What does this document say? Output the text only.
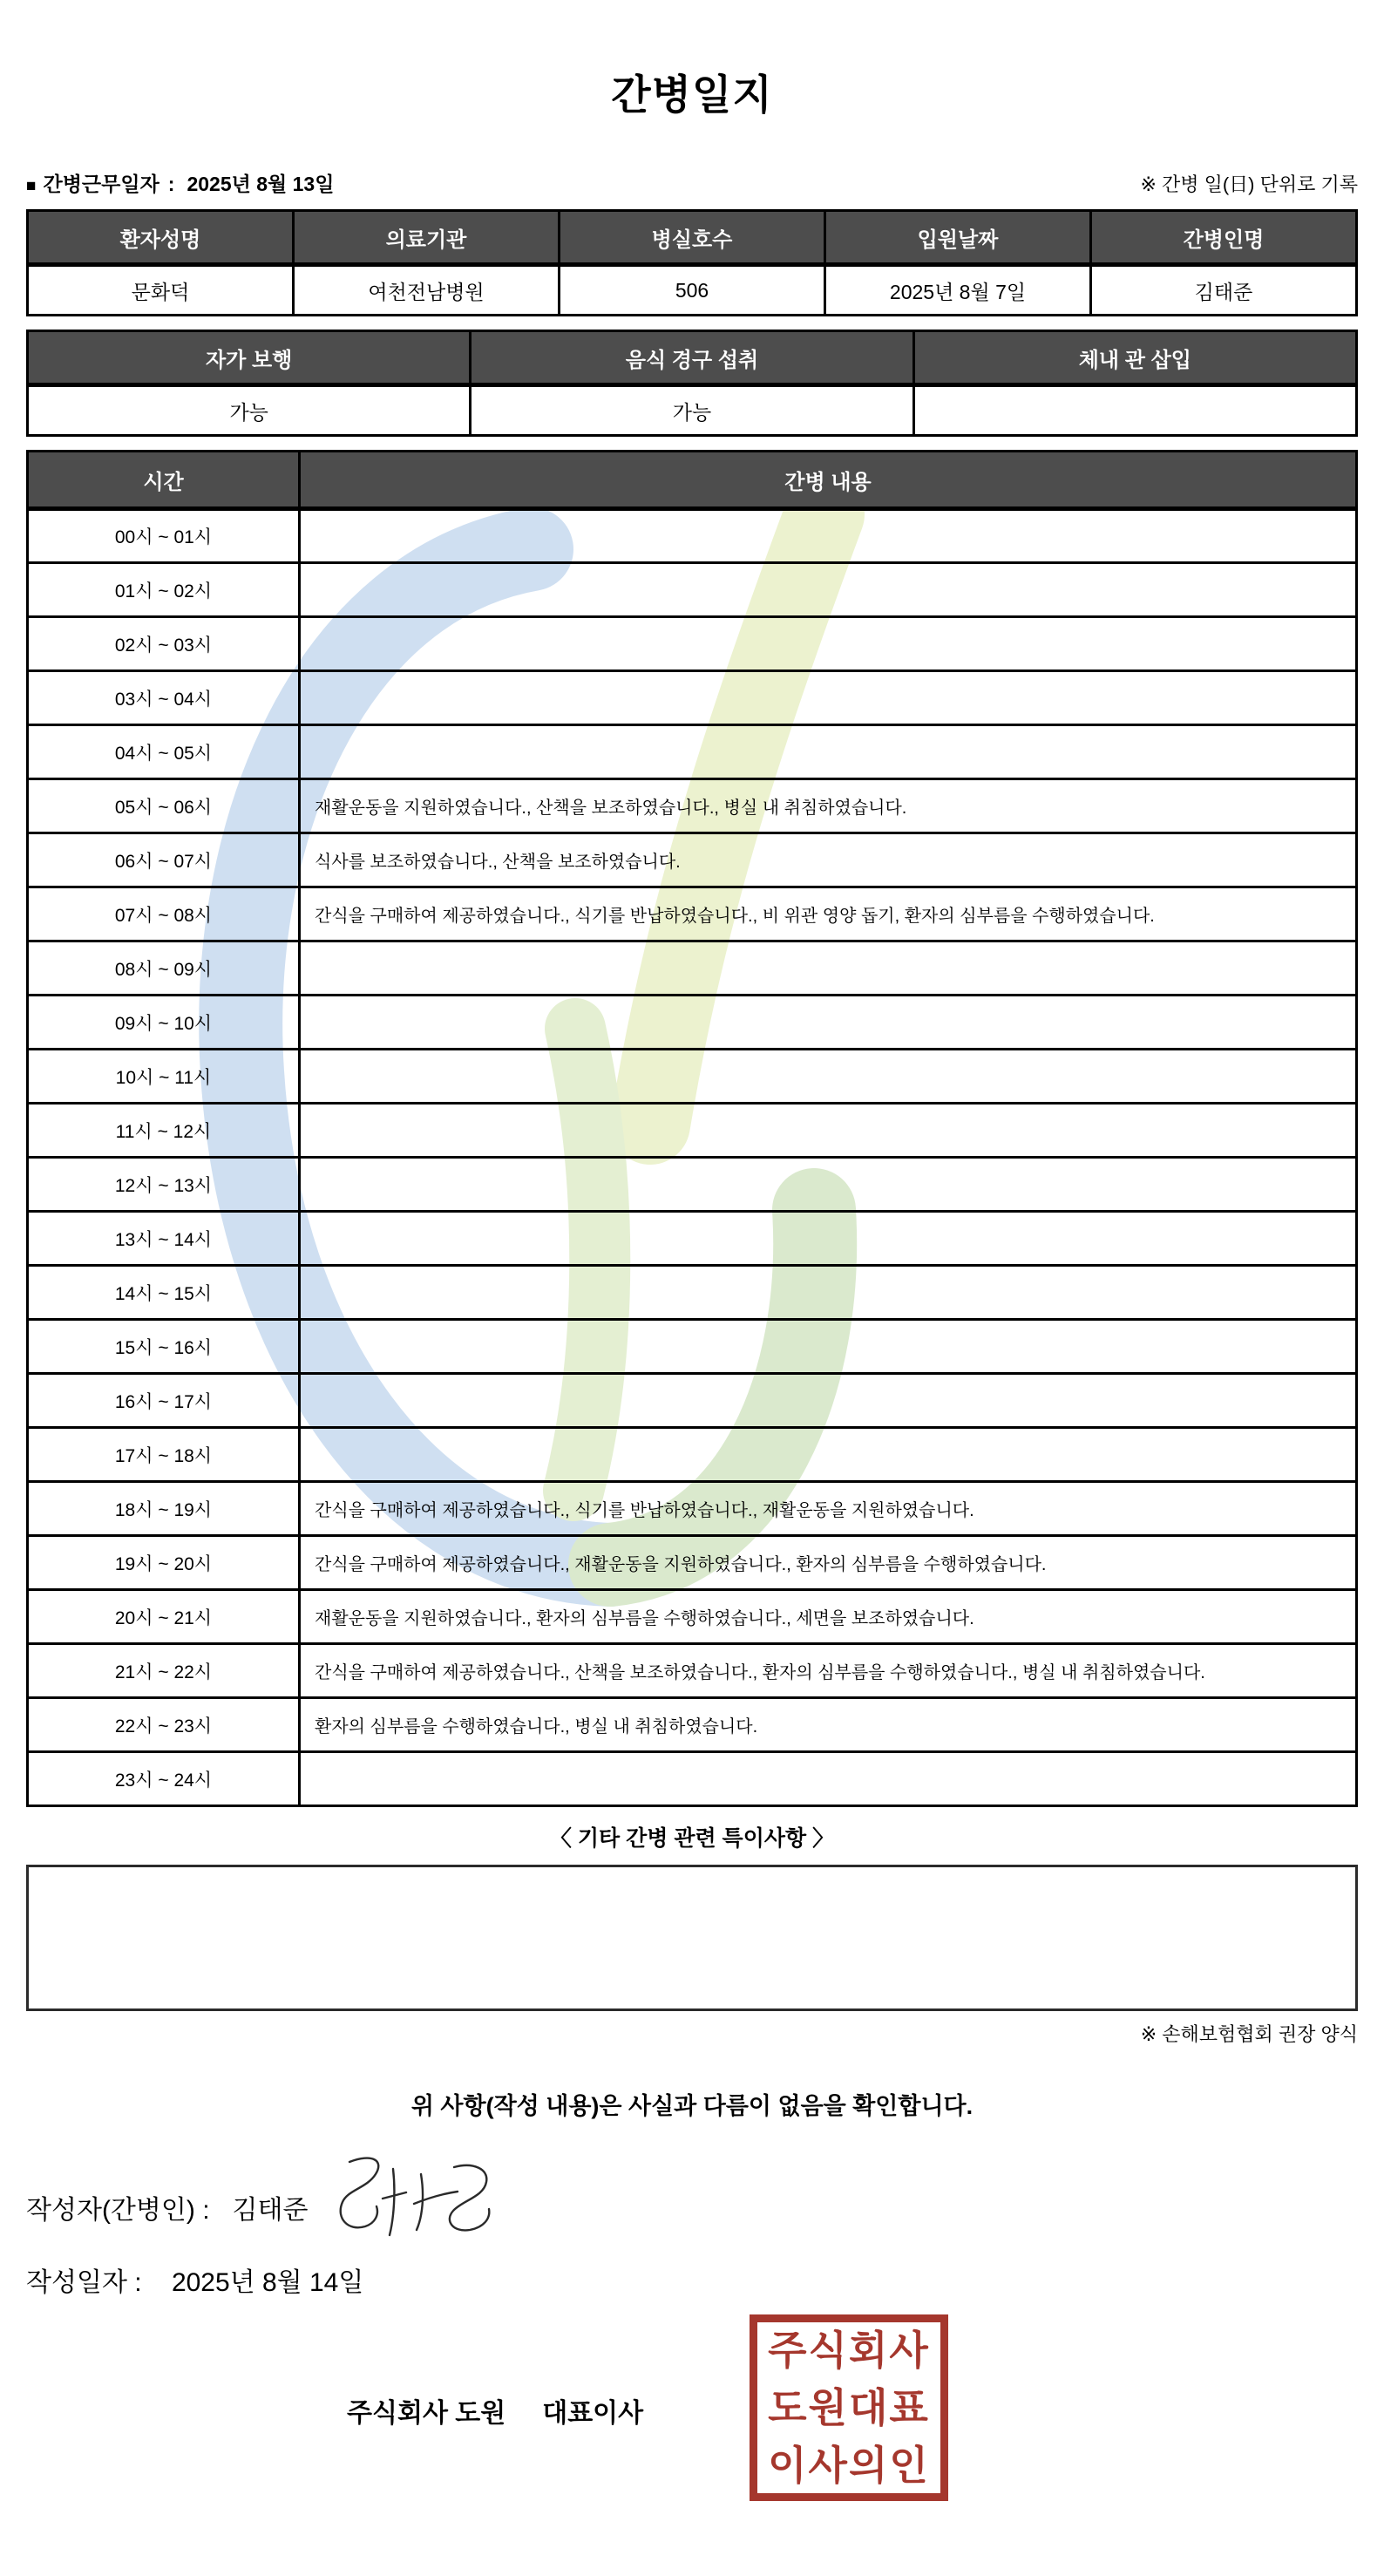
간병일지
■ 간병근무일자 : 2025년 8월 13일	※ 간병 일(日) 단위로 기록
환자성명	의료기관	병실호수	입원날짜	간병인명
문화덕	여천전남병원	506	2025년 8월 7일	김태준
자가 보행	음식 경구 섭취	체내 관 삽입
가능	가능	
시간	간병 내용
00시 ~ 01시	
01시 ~ 02시	
02시 ~ 03시	
03시 ~ 04시	
04시 ~ 05시	
05시 ~ 06시	재활운동을 지원하였습니다., 산책을 보조하였습니다., 병실 내 취침하였습니다.
06시 ~ 07시	식사를 보조하였습니다., 산책을 보조하였습니다.
07시 ~ 08시	간식을 구매하여 제공하였습니다., 식기를 반납하였습니다., 비 위관 영양 돕기, 환자의 심부름을 수행하였습니다.
08시 ~ 09시	
09시 ~ 10시	
10시 ~ 11시	
11시 ~ 12시	
12시 ~ 13시	
13시 ~ 14시	
14시 ~ 15시	
15시 ~ 16시	
16시 ~ 17시	
17시 ~ 18시	
18시 ~ 19시	간식을 구매하여 제공하였습니다., 식기를 반납하였습니다., 재활운동을 지원하였습니다.
19시 ~ 20시	간식을 구매하여 제공하였습니다., 재활운동을 지원하였습니다., 환자의 심부름을 수행하였습니다.
20시 ~ 21시	재활운동을 지원하였습니다., 환자의 심부름을 수행하였습니다., 세면을 보조하였습니다.
21시 ~ 22시	간식을 구매하여 제공하였습니다., 산책을 보조하였습니다., 환자의 심부름을 수행하였습니다., 병실 내 취침하였습니다.
22시 ~ 23시	환자의 심부름을 수행하였습니다., 병실 내 취침하였습니다.
23시 ~ 24시	
〈 기타 간병 관련 특이사항 〉
※ 손해보험협회 권장 양식
위 사항(작성 내용)은 사실과 다름이 없음을 확인합니다.
작성자(간병인) : 김태준
작성일자 : 2025년 8월 14일
주식회사 도원 대표이사
주식회사
도원대표
이사의인
